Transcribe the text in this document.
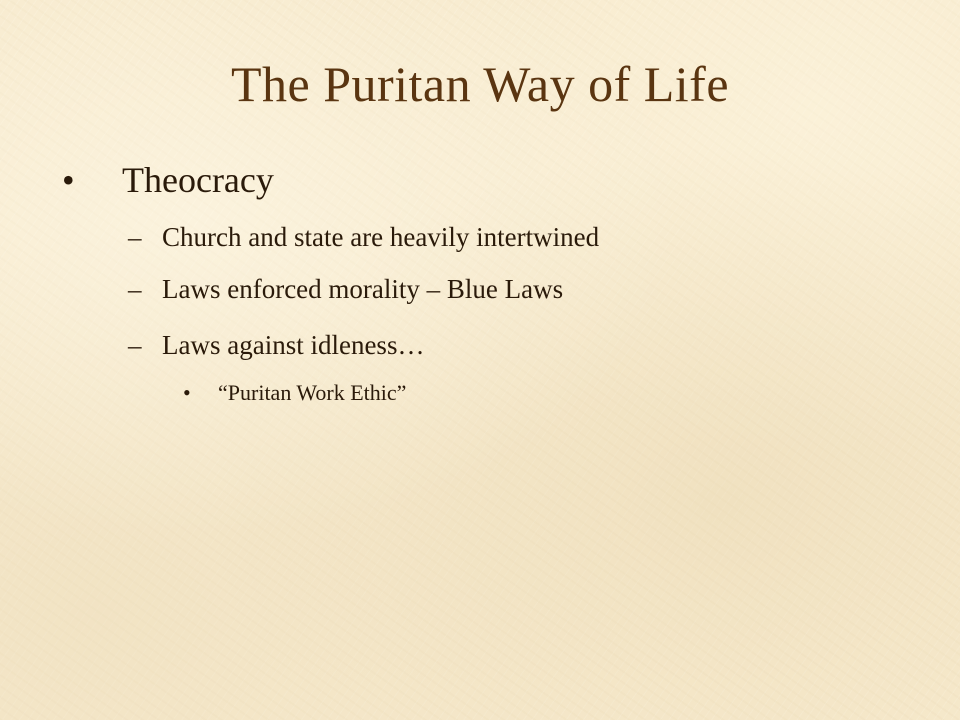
The Puritan Way of Life
• Theocracy
– Church and state are heavily intertwined
– Laws enforced morality – Blue Laws
– Laws against idleness…
• “Puritan Work Ethic”
